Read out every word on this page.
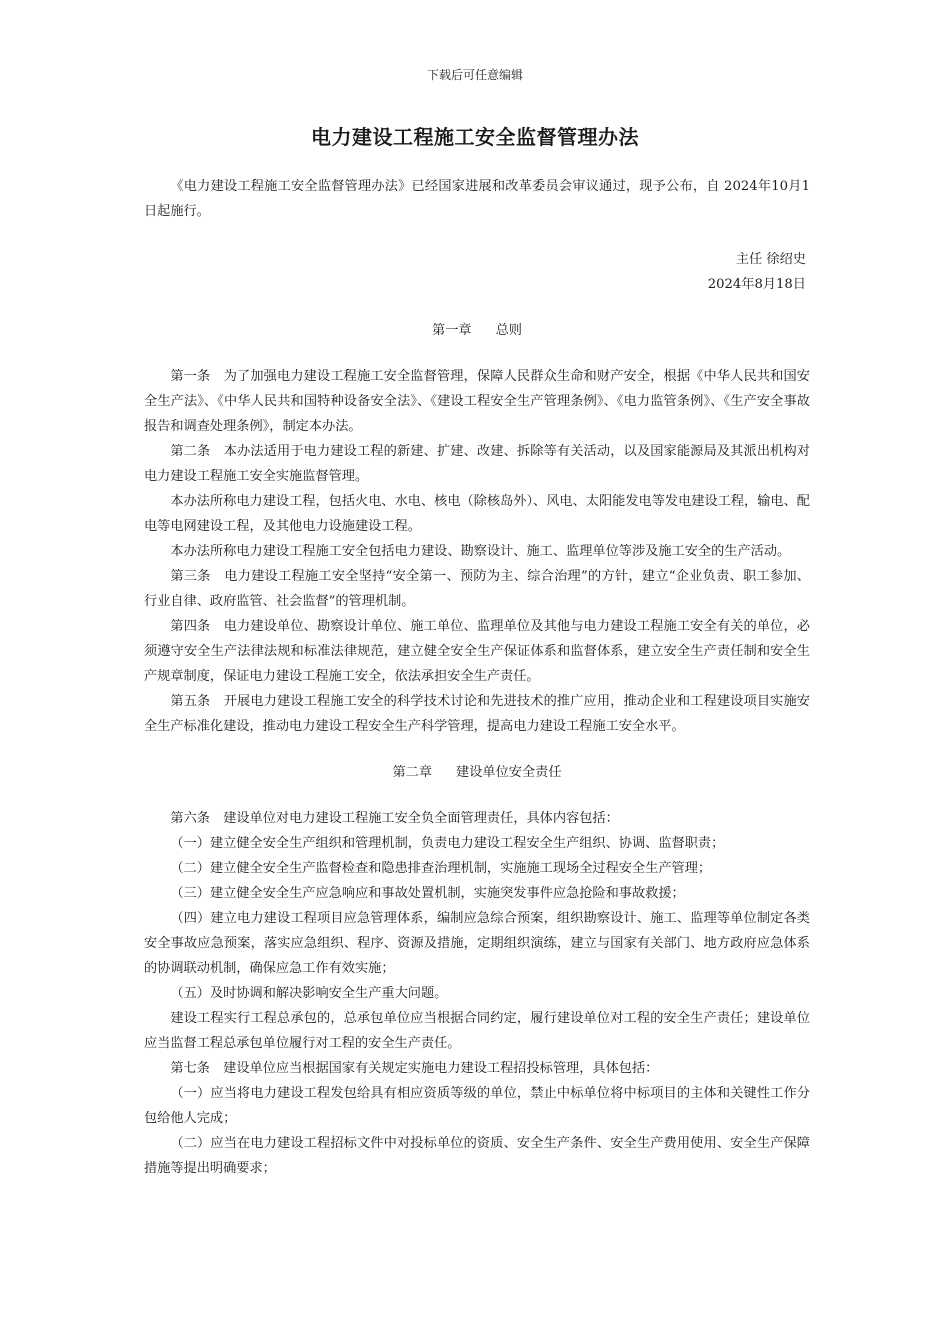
下载后可任意编辑
电力建设工程施工安全监督管理办法

《电力建设工程施工安全监督管理办法》已经国家进展和改革委员会审议通过，现予公布，自 2024年10月1日起施行。

主任 徐绍史

2024年8月18日

第一章 总则

第一条　为了加强电力建设工程施工安全监督管理，保障人民群众生命和财产安全，根据《中华人民共和国安全生产法》、《中华人民共和国特种设备安全法》、《建设工程安全生产管理条例》、《电力监管条例》、《生产安全事故报告和调查处理条例》，制定本办法。

第二条　本办法适用于电力建设工程的新建、扩建、改建、拆除等有关活动，以及国家能源局及其派出机构对电力建设工程施工安全实施监督管理。

本办法所称电力建设工程，包括火电、水电、核电（除核岛外）、风电、太阳能发电等发电建设工程，输电、配电等电网建设工程，及其他电力设施建设工程。

本办法所称电力建设工程施工安全包括电力建设、勘察设计、施工、监理单位等涉及施工安全的生产活动。

第三条　电力建设工程施工安全坚持“安全第一、预防为主、综合治理”的方针，建立“企业负责、职工参加、行业自律、政府监管、社会监督”的管理机制。

第四条　电力建设单位、勘察设计单位、施工单位、监理单位及其他与电力建设工程施工安全有关的单位，必须遵守安全生产法律法规和标准法律规范，建立健全安全生产保证体系和监督体系，建立安全生产责任制和安全生产规章制度，保证电力建设工程施工安全，依法承担安全生产责任。

第五条　开展电力建设工程施工安全的科学技术讨论和先进技术的推广应用，推动企业和工程建设项目实施安全生产标准化建设，推动电力建设工程安全生产科学管理，提高电力建设工程施工安全水平。

第二章 建设单位安全责任

第六条　建设单位对电力建设工程施工安全负全面管理责任，具体内容包括：

（一）建立健全安全生产组织和管理机制，负责电力建设工程安全生产组织、协调、监督职责；

（二）建立健全安全生产监督检查和隐患排查治理机制，实施施工现场全过程安全生产管理；

（三）建立健全安全生产应急响应和事故处置机制，实施突发事件应急抢险和事故救援；

（四）建立电力建设工程项目应急管理体系，编制应急综合预案，组织勘察设计、施工、监理等单位制定各类安全事故应急预案，落实应急组织、程序、资源及措施，定期组织演练，建立与国家有关部门、地方政府应急体系的协调联动机制，确保应急工作有效实施；

（五）及时协调和解决影响安全生产重大问题。

建设工程实行工程总承包的，总承包单位应当根据合同约定，履行建设单位对工程的安全生产责任；建设单位应当监督工程总承包单位履行对工程的安全生产责任。

第七条　建设单位应当根据国家有关规定实施电力建设工程招投标管理，具体包括：

（一）应当将电力建设工程发包给具有相应资质等级的单位，禁止中标单位将中标项目的主体和关键性工作分包给他人完成；

（二）应当在电力建设工程招标文件中对投标单位的资质、安全生产条件、安全生产费用使用、安全生产保障措施等提出明确要求；
